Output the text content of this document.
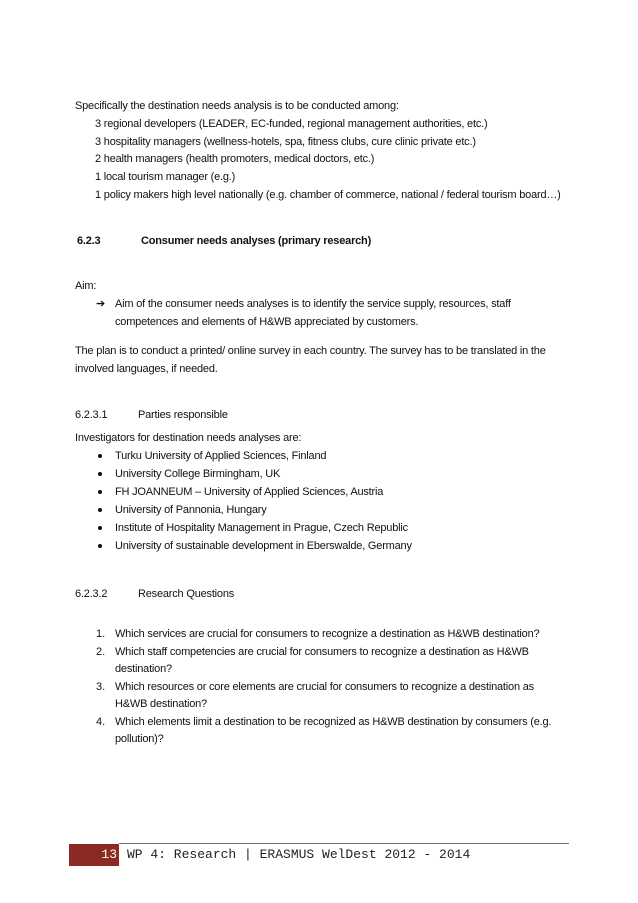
Specifically the destination needs analysis is to be conducted among:
3 regional developers (LEADER, EC-funded, regional management authorities, etc.)
3 hospitality managers (wellness-hotels, spa, fitness clubs, cure clinic private etc.)
2 health managers (health promoters, medical doctors, etc.)
1 local tourism manager (e.g.)
1 policy makers high level nationally (e.g. chamber of commerce, national / federal tourism board…)
6.2.3	Consumer needs analyses (primary research)
Aim:
➔ Aim of the consumer needs analyses is to identify the service supply, resources, staff
competences and elements of H&WB appreciated by customers.
The plan is to conduct a printed/ online survey in each country. The survey has to be translated in the
involved languages, if needed.
6.2.3.1	Parties responsible
Investigators for destination needs analyses are:
Turku University of Applied Sciences, Finland
University College Birmingham, UK
FH JOANNEUM – University of Applied Sciences, Austria
University of Pannonia, Hungary
Institute of Hospitality Management in Prague, Czech Republic
University of sustainable development in Eberswalde, Germany
6.2.3.2	Research Questions
1. Which services are crucial for consumers to recognize a destination as H&WB destination?
2. Which staff competencies are crucial for consumers to recognize a destination as H&WB
destination?
3. Which resources or core elements are crucial for consumers to recognize a destination as
H&WB destination?
4. Which elements limit a destination to be recognized as H&WB destination by consumers (e.g.
pollution)?
13 WP 4: Research | ERASMUS WelDest 2012 - 2014
